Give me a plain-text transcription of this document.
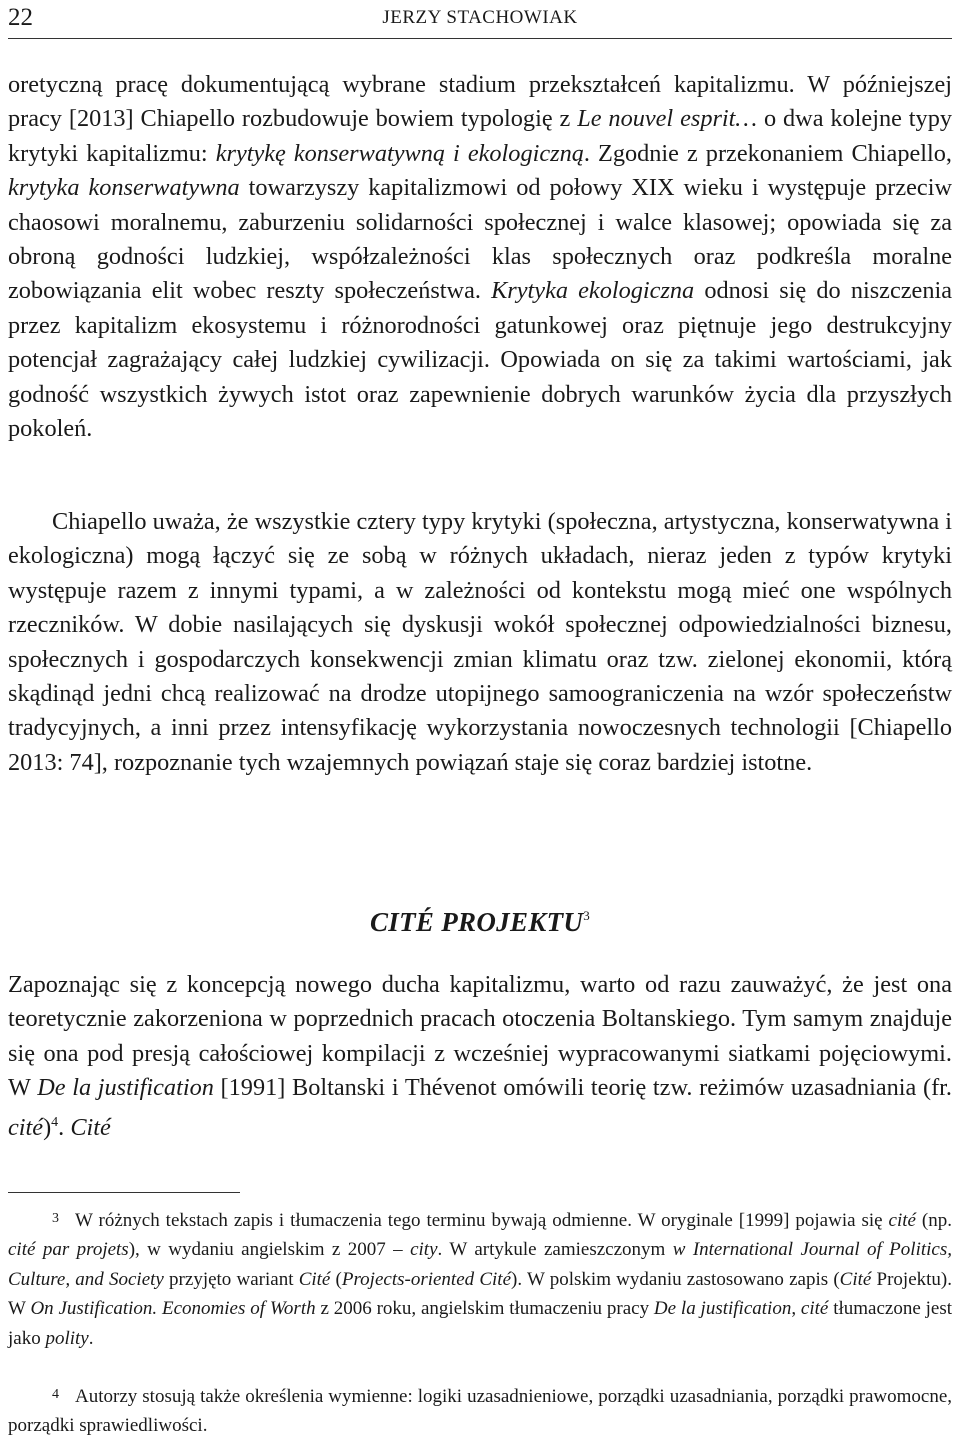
22	JERZY STACHOWIAK

oretyczną pracę dokumentującą wybrane stadium przekształceń kapitalizmu. W późniejszej pracy [2013] Chiapello rozbudowuje bowiem typologię z Le nouvel esprit… o dwa kolejne typy krytyki kapitalizmu: krytykę konserwatywną i ekologiczną. Zgodnie z przekonaniem Chiapello, krytyka konserwatywna towarzyszy kapitalizmowi od połowy XIX wieku i występuje przeciw chaosowi moralnemu, zaburzeniu solidarności społecznej i walce klasowej; opowiada się za obroną godności ludzkiej, współzależności klas społecznych oraz podkreśla moralne zobowiązania elit wobec reszty społeczeństwa. Krytyka ekologiczna odnosi się do niszczenia przez kapitalizm ekosystemu i różnorodności gatunkowej oraz piętnuje jego destrukcyjny potencjał zagrażający całej ludzkiej cywilizacji. Opowiada on się za takimi wartościami, jak godność wszystkich żywych istot oraz zapewnienie dobrych warunków życia dla przyszłych pokoleń.

Chiapello uważa, że wszystkie cztery typy krytyki (społeczna, artystyczna, konserwatywna i ekologiczna) mogą łączyć się ze sobą w różnych układach, nieraz jeden z typów krytyki występuje razem z innymi typami, a w zależności od kontekstu mogą mieć one wspólnych rzeczników. W dobie nasilających się dyskusji wokół społecznej odpowiedzialności biznesu, społecznych i gospodarczych konsekwencji zmian klimatu oraz tzw. zielonej ekonomii, którą skądinąd jedni chcą realizować na drodze utopijnego samoograniczenia na wzór społeczeństw tradycyjnych, a inni przez intensyfikację wykorzystania nowoczesnych technologii [Chiapello 2013: 74], rozpoznanie tych wzajemnych powiązań staje się coraz bardziej istotne.

CITÉ PROJEKTU$^3$

Zapoznając się z koncepcją nowego ducha kapitalizmu, warto od razu zauważyć, że jest ona teoretycznie zakorzeniona w poprzednich pracach otoczenia Boltanskiego. Tym samym znajduje się ona pod presją całościowej kompilacji z wcześniej wypracowanymi siatkami pojęciowymi. W De la justification [1991] Boltanski i Thévenot omówili teorię tzw. reżimów uzasadniania (fr. cité)$^4$. Cité

$^3$ W różnych tekstach zapis i tłumaczenia tego terminu bywają odmienne. W oryginale [1999] pojawia się cité (np. cité par projets), w wydaniu angielskim z 2007 – city. W artykule zamieszczonym w International Journal of Politics, Culture, and Society przyjęto wariant Cité (Projects-oriented Cité). W polskim wydaniu zastosowano zapis (Cité Projektu). W On Justification. Economies of Worth z 2006 roku, angielskim tłumaczeniu pracy De la justification, cité tłumaczone jest jako polity.

$^4$ Autorzy stosują także określenia wymienne: logiki uzasadnieniowe, porządki uzasadniania, porządki prawomocne, porządki sprawiedliwości.
